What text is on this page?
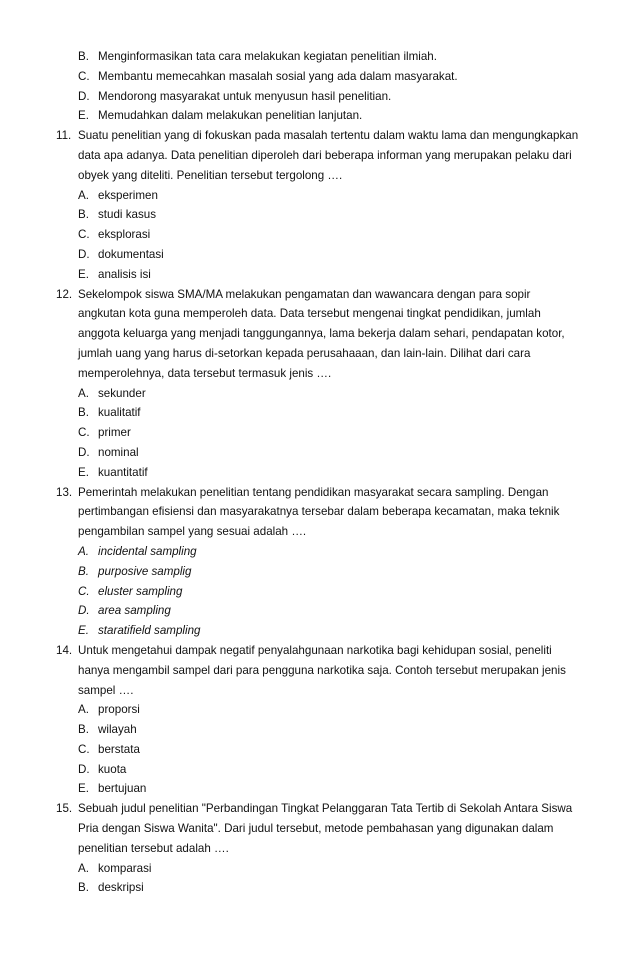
B. Menginformasikan tata cara melakukan kegiatan penelitian ilmiah.
C. Membantu memecahkan masalah sosial yang ada dalam masyarakat.
D. Mendorong masyarakat untuk menyusun hasil penelitian.
E. Memudahkan dalam melakukan penelitian lanjutan.
11. Suatu penelitian yang di fokuskan pada masalah tertentu dalam waktu lama dan mengungkapkan
data apa adanya. Data penelitian diperoleh dari beberapa informan yang merupakan pelaku dari
obyek yang diteliti. Penelitian tersebut tergolong ….
A. eksperimen
B. studi kasus
C. eksplorasi
D. dokumentasi
E. analisis isi
12. Sekelompok siswa SMA/MA melakukan pengamatan dan wawancara dengan para sopir
angkutan kota guna memperoleh data. Data tersebut mengenai tingkat pendidikan, jumlah
anggota keluarga yang menjadi tanggungannya, lama bekerja dalam sehari, pendapatan kotor,
jumlah uang yang harus di-setorkan kepada perusahaaan, dan lain-lain. Dilihat dari cara
memperolehnya, data tersebut termasuk jenis ….
A. sekunder
B. kualitatif
C. primer
D. nominal
E. kuantitatif
13. Pemerintah melakukan penelitian tentang pendidikan masyarakat secara sampling. Dengan
pertimbangan efisiensi dan masyarakatnya tersebar dalam beberapa kecamatan, maka teknik
pengambilan sampel yang sesuai adalah ….
A. incidental sampling
B. purposive samplig
C. eluster sampling
D. area sampling
E. staratifield sampling
14. Untuk mengetahui dampak negatif penyalahgunaan narkotika bagi kehidupan sosial, peneliti
hanya mengambil sampel dari para pengguna narkotika saja. Contoh tersebut merupakan jenis
sampel ….
A. proporsi
B. wilayah
C. berstata
D. kuota
E. bertujuan
15. Sebuah judul penelitian "Perbandingan Tingkat Pelanggaran Tata Tertib di Sekolah Antara Siswa
Pria dengan Siswa Wanita". Dari judul tersebut, metode pembahasan yang digunakan dalam
penelitian tersebut adalah ….
A. komparasi
B. deskripsi
